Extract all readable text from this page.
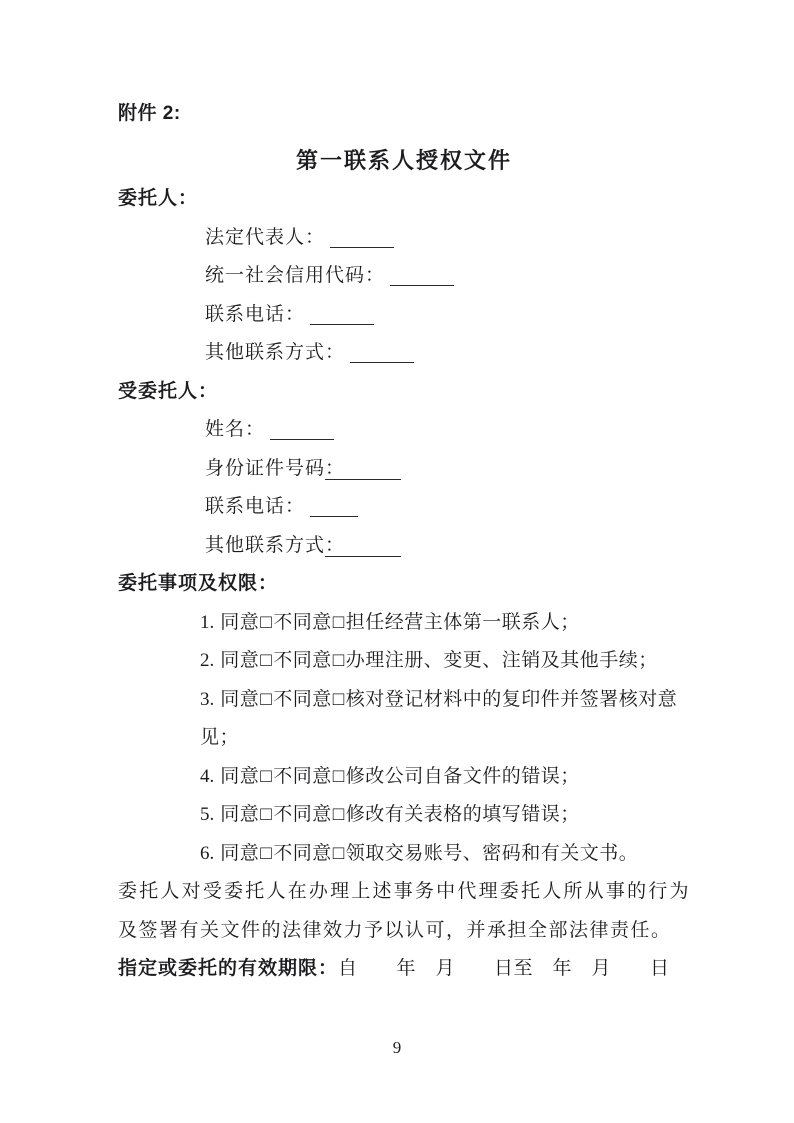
附件 2:

第一联系人授权文件

委托人：

法定代表人：

统一社会信用代码：

联系电话：

其他联系方式：

受委托人：

姓名：

身份证件号码：

联系电话：

其他联系方式：

委托事项及权限：

1. 同意□不同意□担任经营主体第一联系人；

2. 同意□不同意□办理注册、变更、注销及其他手续；

3. 同意□不同意□核对登记材料中的复印件并签署核对意见；

4. 同意□不同意□修改公司自备文件的错误；

5. 同意□不同意□修改有关表格的填写错误；

6. 同意□不同意□领取交易账号、密码和有关文书。

委托人对受委托人在办理上述事务中代理委托人所从事的行为及签署有关文件的法律效力予以认可，并承担全部法律责任。

指定或委托的有效期限：自　　年　月　　日至　年　月　　日

9
